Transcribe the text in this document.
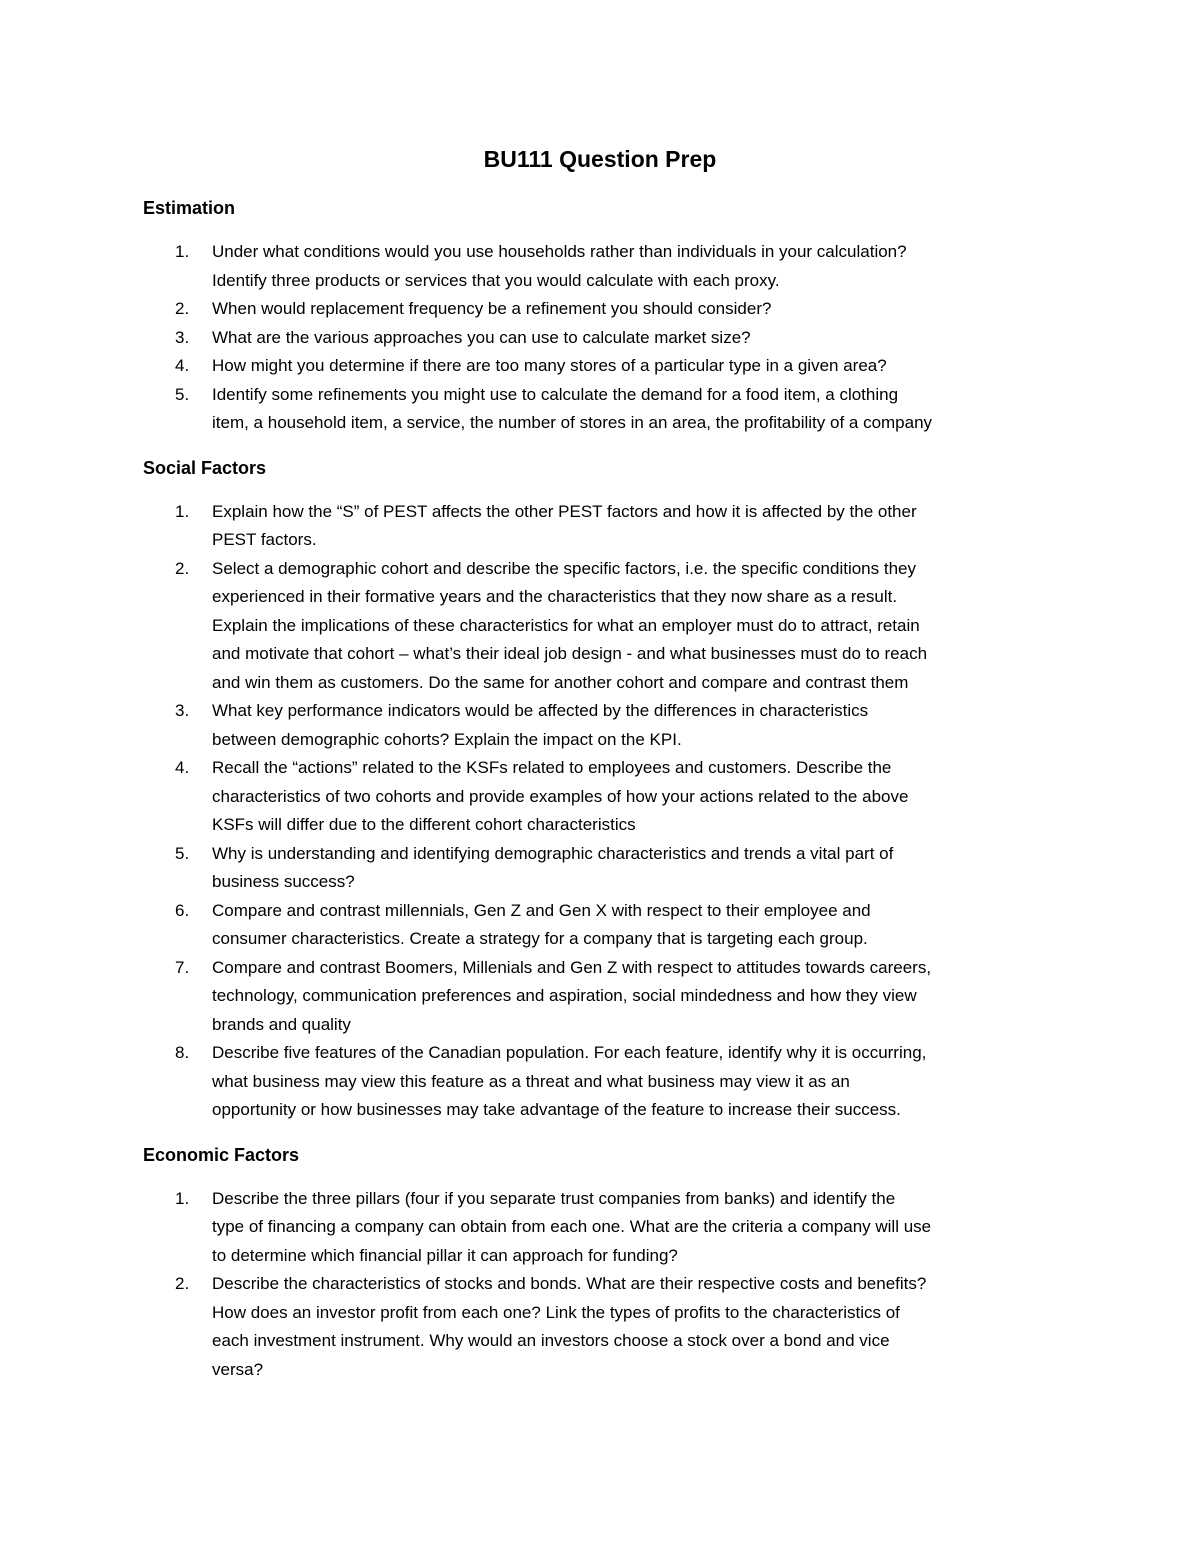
BU111 Question Prep
Estimation
1.	Under what conditions would you use households rather than individuals in your calculation?
Identify three products or services that you would calculate with each proxy.
2.	When would replacement frequency be a refinement you should consider?
3.	What are the various approaches you can use to calculate market size?
4.	How might you determine if there are too many stores of a particular type in a given area?
5.	Identify some refinements you might use to calculate the demand for a food item, a clothing
item, a household item, a service, the number of stores in an area, the profitability of a company
Social Factors
1.	Explain how the “S” of PEST affects the other PEST factors and how it is affected by the other
PEST factors.
2.	Select a demographic cohort and describe the specific factors, i.e. the specific conditions they
experienced in their formative years and the characteristics that they now share as a result.
Explain the implications of these characteristics for what an employer must do to attract, retain
and motivate that cohort – what’s their ideal job design - and what businesses must do to reach
and win them as customers. Do the same for another cohort and compare and contrast them
3.	What key performance indicators would be affected by the differences in characteristics
between demographic cohorts? Explain the impact on the KPI.
4.	Recall the “actions” related to the KSFs related to employees and customers. Describe the
characteristics of two cohorts and provide examples of how your actions related to the above
KSFs will differ due to the different cohort characteristics
5.	Why is understanding and identifying demographic characteristics and trends a vital part of
business success?
6.	Compare and contrast millennials, Gen Z and Gen X with respect to their employee and
consumer characteristics. Create a strategy for a company that is targeting each group.
7.	Compare and contrast Boomers, Millenials and Gen Z with respect to attitudes towards careers,
technology, communication preferences and aspiration, social mindedness and how they view
brands and quality
8.	Describe five features of the Canadian population. For each feature, identify why it is occurring,
what business may view this feature as a threat and what business may view it as an
opportunity or how businesses may take advantage of the feature to increase their success.
Economic Factors
1.	Describe the three pillars (four if you separate trust companies from banks) and identify the
type of financing a company can obtain from each one. What are the criteria a company will use
to determine which financial pillar it can approach for funding?
2.	Describe the characteristics of stocks and bonds. What are their respective costs and benefits?
How does an investor profit from each one? Link the types of profits to the characteristics of
each investment instrument. Why would an investors choose a stock over a bond and vice
versa?
